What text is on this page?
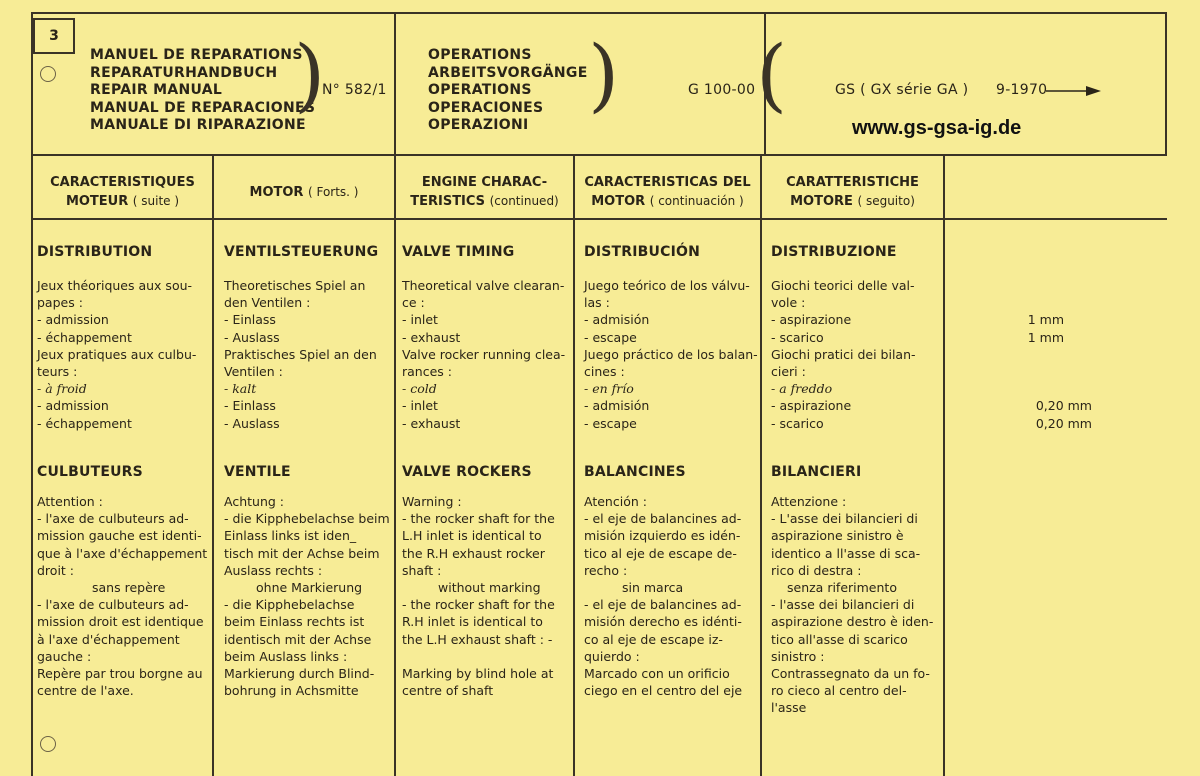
3
MANUEL DE REPARATIONS
REPARATURHANDBUCH
REPAIR MANUAL
MANUAL DE REPARACIONES
MANUALE DI RIPARAZIONE
)
N° 582/1
OPERATIONS
ARBEITSVORGÄNGE
OPERATIONS
OPERACIONES
OPERAZIONI
)	G 100-00 (	GS ( GX série GA ) 9-1970
www.gs-gsa-ig.de
CARACTERISTIQUES
MOTEUR ( suite )
DISTRIBUTION
Jeux théoriques aux sou-
papes :
- admission
- échappement
Jeux pratiques aux culbu-
teurs :
- à froid
- admission
- échappement
CULBUTEURS
Attention :
- l'axe de culbuteurs ad-
mission gauche est identi-
que à l'axe d'échappement
droit :
sans repère
- l'axe de culbuteurs ad-
mission droit est identique
à l'axe d'échappement
gauche :
Repère par trou borgne au
centre de l'axe.
MOTOR ( Forts. )
VENTILSTEUERUNG
Theoretisches Spiel an
den Ventilen :
- Einlass
- Auslass
Praktisches Spiel an den
Ventilen :
- kalt
- Einlass
- Auslass
VENTILE
Achtung :
- die Kipphebelachse beim
Einlass links ist iden_
tisch mit der Achse beim
Auslass rechts :
ohne Markierung
- die Kipphebelachse
beim Einlass rechts ist
identisch mit der Achse
beim Auslass links :
Markierung durch Blind-
bohrung in Achsmitte
ENGINE CHARAC-
TERISTICS (continued)
VALVE TIMING
Theoretical valve clearan-
ce :
- inlet
- exhaust
Valve rocker running clea-
rances :
- cold
- inlet
- exhaust
VALVE ROCKERS
Warning :
- the rocker shaft for the
L.H inlet is identical to
the R.H exhaust rocker
shaft :
without marking
- the rocker shaft for the
R.H inlet is identical to
the L.H exhaust shaft : -
Marking by blind hole at
centre of shaft
CARACTERISTICAS DEL
MOTOR ( continuación )
DISTRIBUCIÓN
Juego teórico de los válvu-
las :
- admisión
- escape
Juego práctico de los balan-
cines :
- en frío
- admisión
- escape
BALANCINES
Atención :
- el eje de balancines ad-
misión izquierdo es idén-
tico al eje de escape de-
recho :
sin marca
- el eje de balancines ad-
misión derecho es idénti-
co al eje de escape iz-
quierdo :
Marcado con un orificio
ciego en el centro del eje
CARATTERISTICHE
MOTORE ( seguito)
DISTRIBUZIONE
Giochi teorici delle val-
vole :
- aspirazione
- scarico
Giochi pratici dei bilan-
cieri :
- a freddo
- aspirazione
- scarico
BILANCIERI
Attenzione :
- L'asse dei bilancieri di
aspirazione sinistro è
identico a ll'asse di sca-
rico di destra :
senza riferimento
- l'asse dei bilancieri di
aspirazione destro è iden-
tico all'asse di scarico
sinistro :
Contrassegnato da un fo-
ro cieco al centro del-
l'asse
1 mm
1 mm
0,20 mm
0,20 mm
